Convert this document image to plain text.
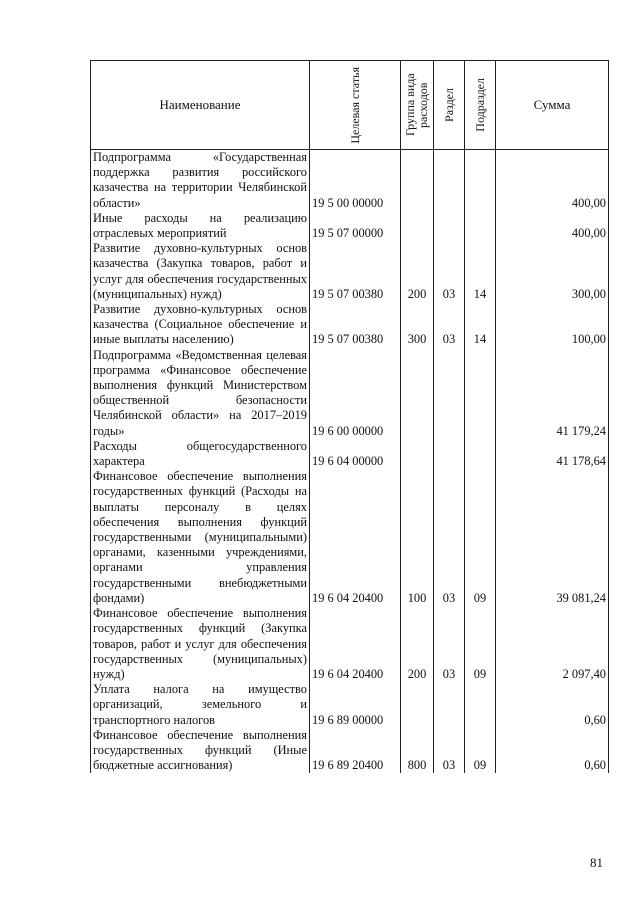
Наименование	Целевая статья	Группа вида расходов	Раздел	Подраздел	Сумма
Подпрограмма «Государственная поддержка развития российского казачества на территории Челябинской области»	19 5 00 00000				400,00
Иные расходы на реализацию отраслевых мероприятий	19 5 07 00000				400,00
Развитие духовно-культурных основ казачества (Закупка товаров, работ и услуг для обеспечения государственных (муниципальных) нужд)	19 5 07 00380	200	03	14	300,00
Развитие духовно-культурных основ казачества (Социальное обеспечение и иные выплаты населению)	19 5 07 00380	300	03	14	100,00
Подпрограмма «Ведомственная целевая программа «Финансовое обеспечение выполнения функций Министерством общественной безопасности Челябинской области» на 2017–2019 годы»	19 6 00 00000				41 179,24
Расходы общегосударственного характера	19 6 04 00000				41 178,64
Финансовое обеспечение выполнения государственных функций (Расходы на выплаты персоналу в целях обеспечения выполнения функций государственными (муниципальными) органами, казенными учреждениями, органами управления государственными внебюджетными фондами)	19 6 04 20400	100	03	09	39 081,24
Финансовое обеспечение выполнения государственных функций (Закупка товаров, работ и услуг для обеспечения государственных (муниципальных) нужд)	19 6 04 20400	200	03	09	2 097,40
Уплата налога на имущество организаций, земельного и транспортного налогов	19 6 89 00000				0,60
Финансовое обеспечение выполнения государственных функций (Иные бюджетные ассигнования)	19 6 89 20400	800	03	09	0,60
81
